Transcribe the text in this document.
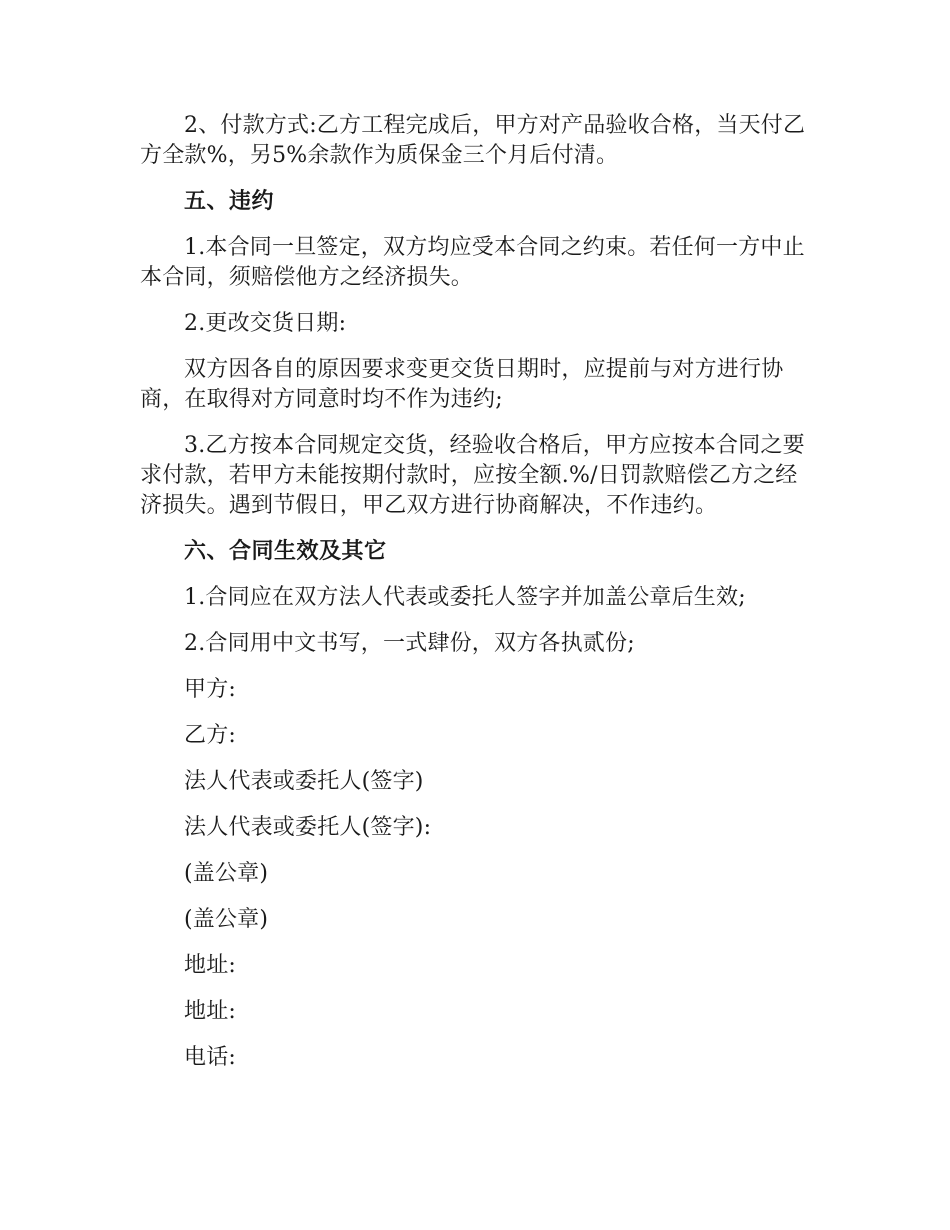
2、付款方式:乙方工程完成后，甲方对产品验收合格，当天付乙方全款%，另5%余款作为质保金三个月后付清。

五、违约

1.本合同一旦签定，双方均应受本合同之约束。若任何一方中止本合同，须赔偿他方之经济损失。

2.更改交货日期:

双方因各自的原因要求变更交货日期时，应提前与对方进行协商，在取得对方同意时均不作为违约;

3.乙方按本合同规定交货，经验收合格后，甲方应按本合同之要求付款，若甲方未能按期付款时，应按全额.%/日罚款赔偿乙方之经济损失。遇到节假日，甲乙双方进行协商解决，不作违约。

六、合同生效及其它

1.合同应在双方法人代表或委托人签字并加盖公章后生效;

2.合同用中文书写，一式肆份，双方各执贰份;

甲方:

乙方:

法人代表或委托人(签字)

法人代表或委托人(签字):

(盖公章)

(盖公章)

地址:

地址:

电话:
